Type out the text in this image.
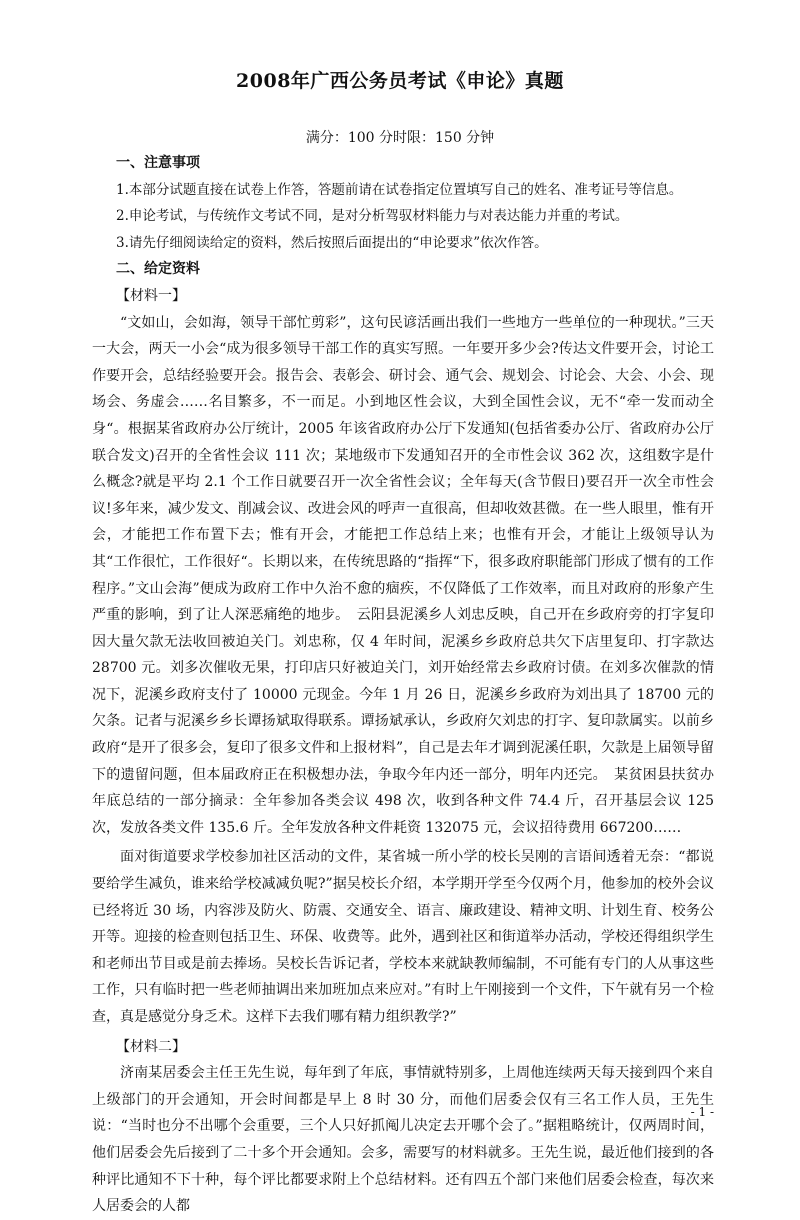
2008年广西公务员考试《申论》真题
满分：100 分时限：150 分钟
一、注意事项
1.本部分试题直接在试卷上作答，答题前请在试卷指定位置填写自己的姓名、准考证号等信息。
2.申论考试，与传统作文考试不同，是对分析驾驭材料能力与对表达能力并重的考试。
3.请先仔细阅读给定的资料，然后按照后面提出的“申论要求”依次作答。
二、给定资料
【材料一】

“文如山，会如海，领导干部忙剪彩”，这句民谚活画出我们一些地方一些单位的一种现状。”三天一大会，两天一小会“成为很多领导干部工作的真实写照。一年要开多少会?传达文件要开会，讨论工作要开会，总结经验要开会。报告会、表彰会、研讨会、通气会、规划会、讨论会、大会、小会、现场会、务虚会……名目繁多，不一而足。小到地区性会议，大到全国性会议，无不“牵一发而动全身“。根据某省政府办公厅统计，2005 年该省政府办公厅下发通知(包括省委办公厅、省政府办公厅联合发文)召开的全省性会议 111 次；某地级市下发通知召开的全市性会议 362 次，这组数字是什么概念?就是平均 2.1 个工作日就要召开一次全省性会议；全年每天(含节假日)要召开一次全市性会议!多年来，减少发文、削减会议、改进会风的呼声一直很高，但却收效甚微。在一些人眼里，惟有开会，才能把工作布置下去；惟有开会，才能把工作总结上来；也惟有开会，才能让上级领导认为其“工作很忙，工作很好“。长期以来，在传统思路的“指挥“下，很多政府职能部门形成了惯有的工作程序。”文山会海”便成为政府工作中久治不愈的痼疾，不仅降低了工作效率，而且对政府的形象产生严重的影响，到了让人深恶痛绝的地步。　云阳县泥溪乡人刘忠反映，自己开在乡政府旁的打字复印因大量欠款无法收回被迫关门。刘忠称，仅 4 年时间，泥溪乡乡政府总共欠下店里复印、打字款达 28700 元。刘多次催收无果，打印店只好被迫关门，刘开始经常去乡政府讨债。在刘多次催款的情况下，泥溪乡政府支付了 10000 元现金。今年 1 月 26 日，泥溪乡乡政府为刘出具了 18700 元的欠条。记者与泥溪乡乡长谭扬斌取得联系。谭扬斌承认，乡政府欠刘忠的打字、复印款属实。以前乡政府“是开了很多会，复印了很多文件和上报材料”，自己是去年才调到泥溪任职，欠款是上届领导留下的遗留问题，但本届政府正在积极想办法，争取今年内还一部分，明年内还完。　某贫困县扶贫办年底总结的一部分摘录：全年参加各类会议 498 次，收到各种文件 74.4 斤，召开基层会议 125 次，发放各类文件 135.6 斤。全年发放各种文件耗资 132075 元，会议招待费用 667200……

面对街道要求学校参加社区活动的文件，某省城一所小学的校长吴刚的言语间透着无奈：“都说要给学生减负，谁来给学校减减负呢?”据吴校长介绍，本学期开学至今仅两个月，他参加的校外会议已经将近 30 场，内容涉及防火、防震、交通安全、语言、廉政建设、精神文明、计划生育、校务公开等。迎接的检查则包括卫生、环保、收费等。此外，遇到社区和街道举办活动，学校还得组织学生和老师出节目或是前去捧场。吴校长告诉记者，学校本来就缺教师编制，不可能有专门的人从事这些工作，只有临时把一些老师抽调出来加班加点来应对。”有时上午刚接到一个文件，下午就有另一个检查，真是感觉分身乏术。这样下去我们哪有精力组织教学?”

【材料二】

济南某居委会主任王先生说，每年到了年底，事情就特别多，上周他连续两天每天接到四个来自上级部门的开会通知，开会时间都是早上 8 时 30 分，而他们居委会仅有三名工作人员，王先生说：“当时也分不出哪个会重要，三个人只好抓阄儿决定去开哪个会了。”据粗略统计，仅两周时间，他们居委会先后接到了二十多个开会通知。会多，需要写的材料就多。王先生说，最近他们接到的各种评比通知不下十种，每个评比都要求附上个总结材料。还有四五个部门来他们居委会检查，每次来人居委会的人都

- 1 -
